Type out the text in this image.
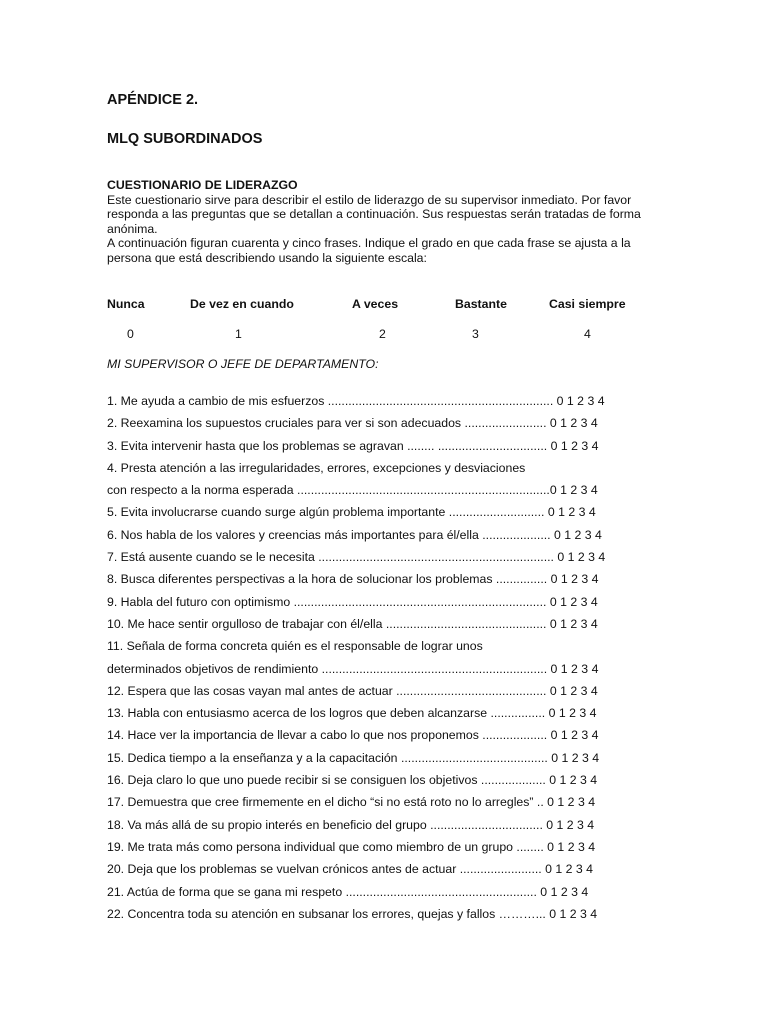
APÉNDICE 2.
MLQ SUBORDINADOS
CUESTIONARIO DE LIDERAZGO

Este cuestionario sirve para describir el estilo de liderazgo de su supervisor inmediato. Por favor responda a las preguntas que se detallan a continuación. Sus respuestas serán tratadas de forma anónima.

A continuación figuran cuarenta y cinco frases. Indique el grado en que cada frase se ajusta a la persona que está describiendo usando la siguiente escala:

Nunca	De vez en cuando	A veces	Bastante	Casi siempre
0	1	2	3	4
MI SUPERVISOR O JEFE DE DEPARTAMENTO:
1. Me ayuda a cambio de mis esfuerzos .................................................................. 0 1 2 3 4
2. Reexamina los supuestos cruciales para ver si son adecuados ........................ 0 1 2 3 4
3. Evita intervenir hasta que los problemas se agravan ........ ................................ 0 1 2 3 4
4. Presta atención a las irregularidades, errores, excepciones y desviaciones
con respecto a la norma esperada ..........................................................................0 1 2 3 4
5. Evita involucrarse cuando surge algún problema importante ............................ 0 1 2 3 4
6. Nos habla de los valores y creencias más importantes para él/ella .................... 0 1 2 3 4
7. Está ausente cuando se le necesita ..................................................................... 0 1 2 3 4
8. Busca diferentes perspectivas a la hora de solucionar los problemas ............... 0 1 2 3 4
9. Habla del futuro con optimismo .......................................................................... 0 1 2 3 4
10. Me hace sentir orgulloso de trabajar con él/ella ............................................... 0 1 2 3 4
11. Señala de forma concreta quién es el responsable de lograr unos
determinados objetivos de rendimiento .................................................................. 0 1 2 3 4
12. Espera que las cosas vayan mal antes de actuar ............................................ 0 1 2 3 4
13. Habla con entusiasmo acerca de los logros que deben alcanzarse ................ 0 1 2 3 4
14. Hace ver la importancia de llevar a cabo lo que nos proponemos ................... 0 1 2 3 4
15. Dedica tiempo a la enseñanza y a la capacitación ........................................... 0 1 2 3 4
16. Deja claro lo que uno puede recibir si se consiguen los objetivos ................... 0 1 2 3 4
17. Demuestra que cree firmemente en el dicho “si no está roto no lo arregles” .. 0 1 2 3 4
18. Va más allá de su propio interés en beneficio del grupo ................................. 0 1 2 3 4
19. Me trata más como persona individual que como miembro de un grupo ........ 0 1 2 3 4
20. Deja que los problemas se vuelvan crónicos antes de actuar ........................ 0 1 2 3 4
21. Actúa de forma que se gana mi respeto ........................................................ 0 1 2 3 4
22. Concentra toda su atención en subsanar los errores, quejas y fallos ………... 0 1 2 3 4
